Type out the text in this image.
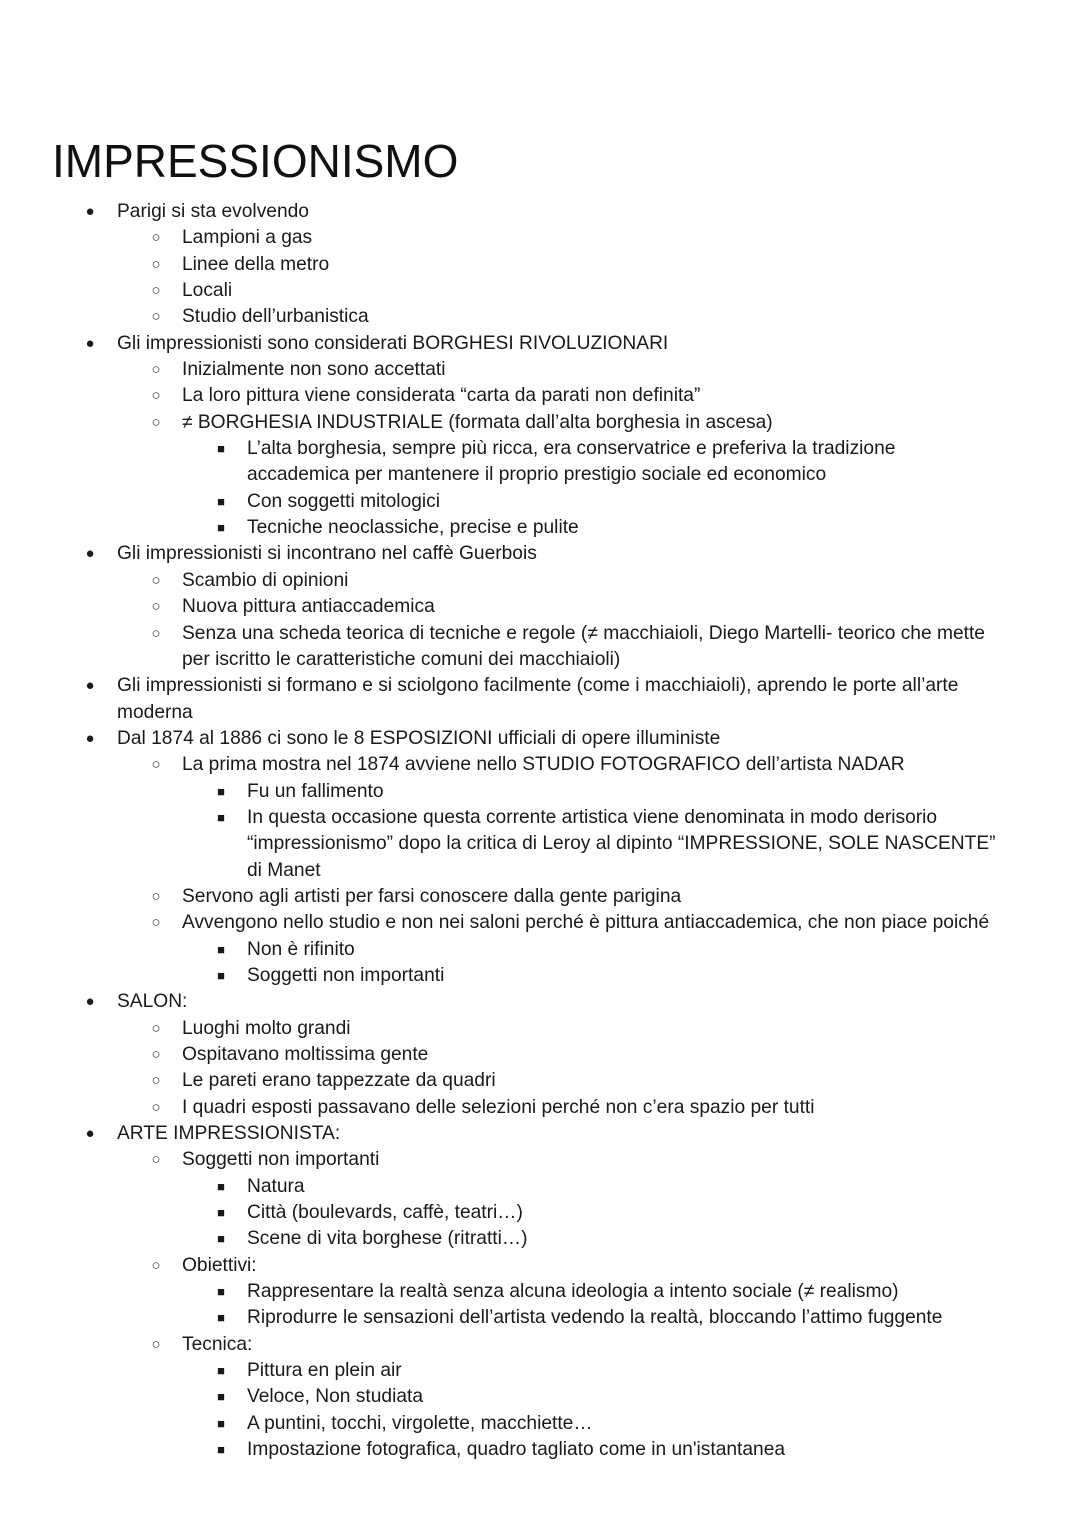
IMPRESSIONISMO
● Parigi si sta evolvendo
○ Lampioni a gas
○ Linee della metro
○ Locali
○ Studio dell’urbanistica
● Gli impressionisti sono considerati BORGHESI RIVOLUZIONARI
○ Inizialmente non sono accettati
○ La loro pittura viene considerata “carta da parati non definita”
○ ≠ BORGHESIA INDUSTRIALE (formata dall’alta borghesia in ascesa)
■	L’alta borghesia, sempre più ricca, era conservatrice e preferiva la tradizione
accademica per mantenere il proprio prestigio sociale ed economico
■	Con soggetti mitologici
■	Tecniche neoclassiche, precise e pulite
● Gli impressionisti si incontrano nel caffè Guerbois
○ Scambio di opinioni
○ Nuova pittura antiaccademica
○ Senza una scheda teorica di tecniche e regole (≠ macchiaioli, Diego Martelli- teorico che mette
per iscritto le caratteristiche comuni dei macchiaioli)
● Gli impressionisti si formano e si sciolgono facilmente (come i macchiaioli), aprendo le porte all’arte
moderna
● Dal 1874 al 1886 ci sono le 8 ESPOSIZIONI ufficiali di opere illuministe
○ La prima mostra nel 1874 avviene nello STUDIO FOTOGRAFICO dell’artista NADAR
■	Fu un fallimento
■	In questa occasione questa corrente artistica viene denominata in modo derisorio
“impressionismo” dopo la critica di Leroy al dipinto “IMPRESSIONE, SOLE NASCENTE”
di Manet
○ Servono agli artisti per farsi conoscere dalla gente parigina
○ Avvengono nello studio e non nei saloni perché è pittura antiaccademica, che non piace poiché
■	Non è rifinito
■	Soggetti non importanti
● SALON:
○ Luoghi molto grandi
○ Ospitavano moltissima gente
○ Le pareti erano tappezzate da quadri
○ I quadri esposti passavano delle selezioni perché non c’era spazio per tutti
● ARTE IMPRESSIONISTA:
○ Soggetti non importanti
■	Natura
■	Città (boulevards, caffè, teatri…)
■	Scene di vita borghese (ritratti…)
○ Obiettivi:
■	Rappresentare la realtà senza alcuna ideologia a intento sociale (≠ realismo)
■	Riprodurre le sensazioni dell’artista vedendo la realtà, bloccando l’attimo fuggente
○ Tecnica:
■	Pittura en plein air
■	Veloce, Non studiata
■	A puntini, tocchi, virgolette, macchiette…
■	Impostazione fotografica, quadro tagliato come in un'istantanea
